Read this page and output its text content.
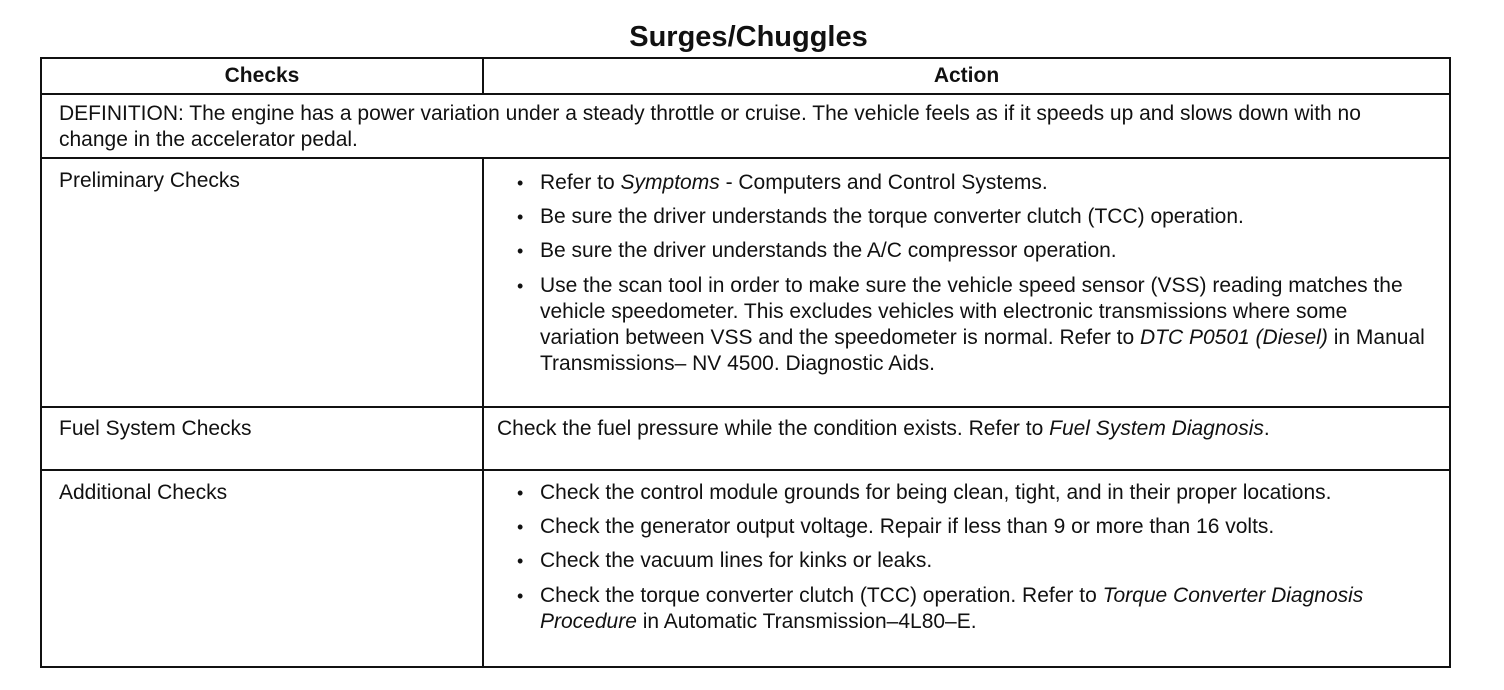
Surges/Chuggles
Checks	Action
DEFINITION: The engine has a power variation under a steady throttle or cruise. The vehicle feels as if it speeds up and slows down with no change in the accelerator pedal.
Preliminary Checks	• Refer to Symptoms - Computers and Control Systems.
• Be sure the driver understands the torque converter clutch (TCC) operation.
• Be sure the driver understands the A/C compressor operation.
• Use the scan tool in order to make sure the vehicle speed sensor (VSS) reading matches the vehicle speedometer. This excludes vehicles with electronic transmissions where some variation between VSS and the speedometer is normal. Refer to DTC P0501 (Diesel) in Manual Transmissions– NV 4500. Diagnostic Aids.
Fuel System Checks	Check the fuel pressure while the condition exists. Refer to Fuel System Diagnosis.
Additional Checks	• Check the control module grounds for being clean, tight, and in their proper locations.
• Check the generator output voltage. Repair if less than 9 or more than 16 volts.
• Check the vacuum lines for kinks or leaks.
• Check the torque converter clutch (TCC) operation. Refer to Torque Converter Diagnosis Procedure in Automatic Transmission–4L80–E.
